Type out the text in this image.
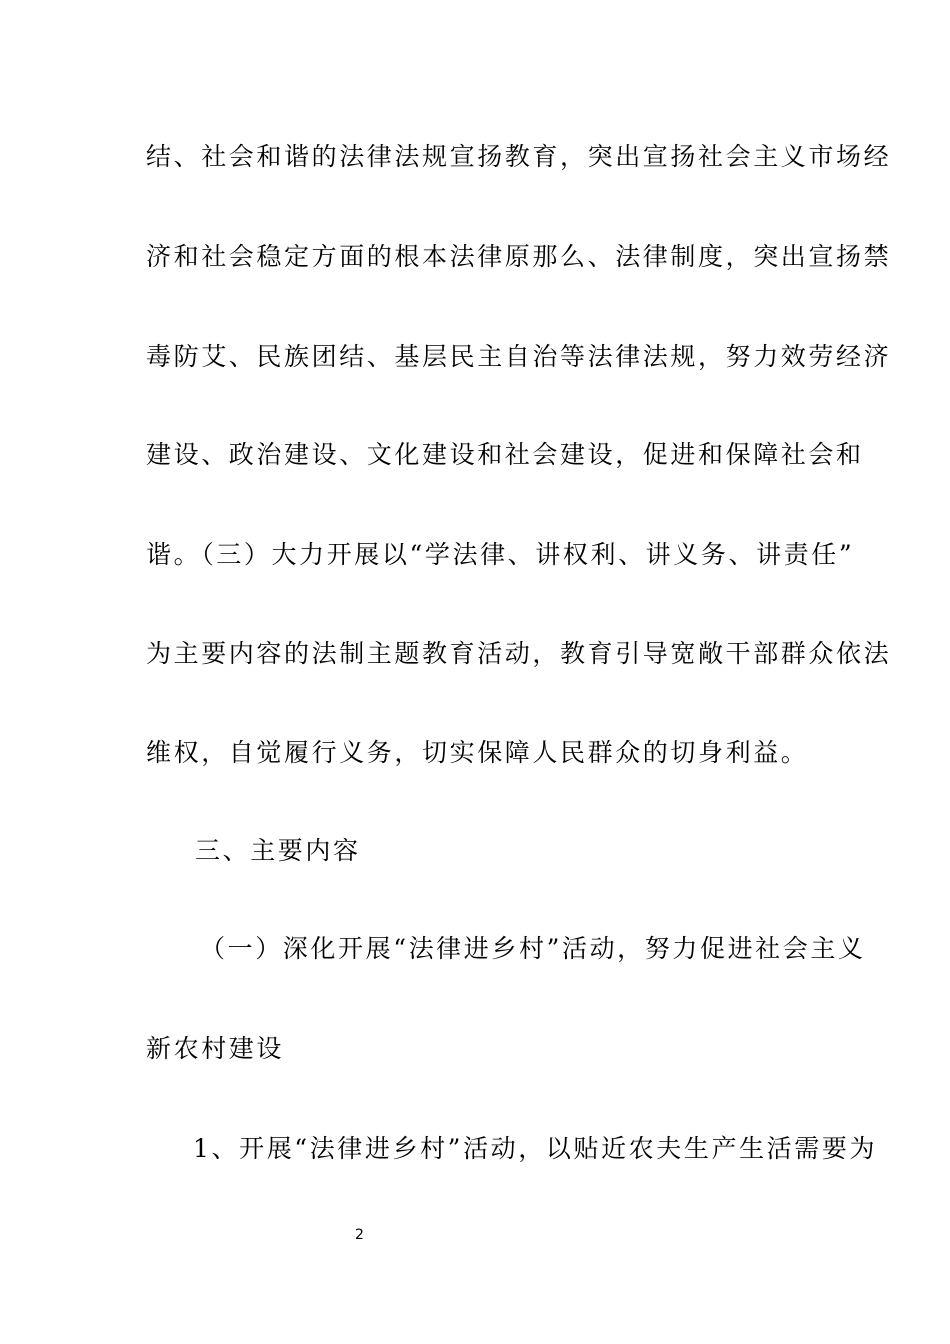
结、社会和谐的法律法规宣扬教育，突出宣扬社会主义市场经
济和社会稳定方面的根本法律原那么、法律制度，突出宣扬禁
毒防艾、民族团结、基层民主自治等法律法规，努力效劳经济
建设、政治建设、文化建设和社会建设，促进和保障社会和
谐。（三）大力开展以“学法律、讲权利、讲义务、讲责任”
为主要内容的法制主题教育活动，教育引导宽敞干部群众依法
维权，自觉履行义务，切实保障人民群众的切身利益。
三、主要内容
（一）深化开展“法律进乡村”活动，努力促进社会主义
新农村建设
1、开展“法律进乡村”活动，以贴近农夫生产生活需要为
2
